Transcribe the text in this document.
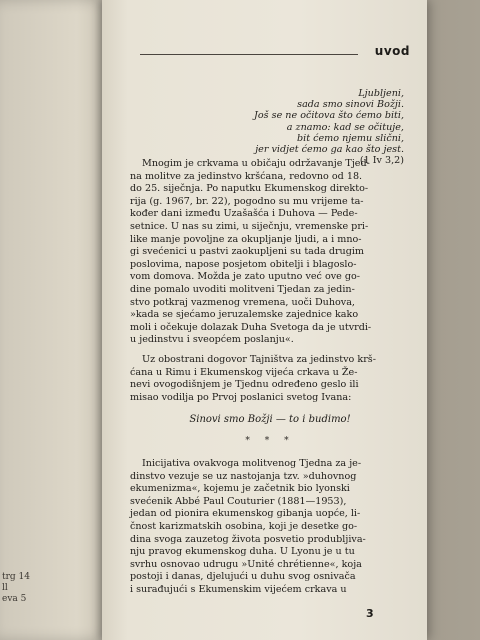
trg 14
ll
eva 5
uvod
Ljubljeni,
sada smo sinovi Božji.
Još se ne očitova što ćemo biti,
a znamo: kad se očituje,
bit ćemo njemu slični,
jer vidjet ćemo ga kao što jest.
(1 Iv 3,2)
Mnogim je crkvama u običaju održavanje Tjed-
na molitve za jedinstvo kršćana, redovno od 18.
do 25. siječnja. Po naputku Ekumenskog direkto-
rija (g. 1967, br. 22), pogodno su mu vrijeme ta-
kođer dani između Uzašašća i Duhova — Pede-
setnice. U nas su zimi, u siječnju, vremenske pri-
like manje povoljne za okupljanje ljudi, a i mno-
gi svećenici u pastvi zaokupljeni su tada drugim
poslovima, napose posjetom obitelji i blagoslo-
vom domova. Možda je zato uputno već ove go-
dine pomalo uvoditi molitveni Tjedan za jedin-
stvo potkraj vazmenog vremena, uoči Duhova,
»kada se sjećamo jeruzalemske zajednice kako
moli i očekuje dolazak Duha Svetoga da je utvrdi-
u jedinstvu i sveopćem poslanju«.
Uz obostrani dogovor Tajništva za jedinstvo krš-
ćana u Rimu i Ekumenskog vijeća crkava u Že-
nevi ovogodišnjem je Tjednu određeno geslo ili
misao vodilja po Prvoj poslanici svetog Ivana:
Sinovi smo Božji — to i budimo!
* * *
Inicijativa ovakvoga molitvenog Tjedna za je-
dinstvo vezuje se uz nastojanja tzv. »duhovnog
ekumenizma«, kojemu je začetnik bio lyonski
svećenik Abbé Paul Couturier (1881—1953),
jedan od pionira ekumenskog gibanja uopće, li-
čnost karizmatskih osobina, koji je desetke go-
dina svoga zauzetog života posvetio produbljiva-
nju pravog ekumenskog duha. U Lyonu je u tu
svrhu osnovao udrugu »Unité chrétienne«, koja
postoji i danas, djelujući u duhu svog osnivača
i surađujući s Ekumenskim vijećem crkava u
3
